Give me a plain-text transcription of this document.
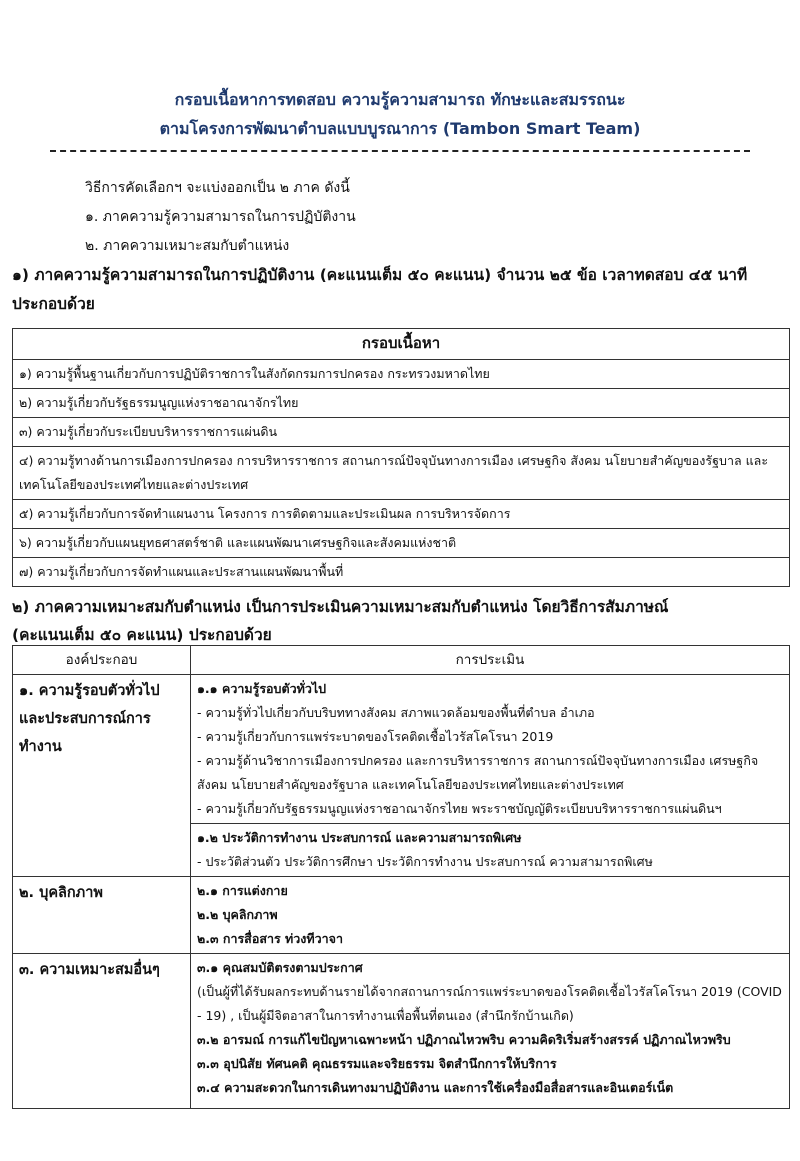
กรอบเนื้อหาการทดสอบ ความรู้ความสามารถ ทักษะและสมรรถนะ
ตามโครงการพัฒนาตำบลแบบบูรณาการ (Tambon Smart Team)
วิธีการคัดเลือกฯ จะแบ่งออกเป็น ๒ ภาค ดังนี้
๑. ภาคความรู้ความสามารถในการปฏิบัติงาน
๒. ภาคความเหมาะสมกับตำแหน่ง
๑) ภาคความรู้ความสามารถในการปฏิบัติงาน (คะแนนเต็ม ๕๐ คะแนน) จำนวน ๒๕ ข้อ เวลาทดสอบ ๔๕ นาที
ประกอบด้วย
กรอบเนื้อหา
๑) ความรู้พื้นฐานเกี่ยวกับการปฏิบัติราชการในสังกัดกรมการปกครอง กระทรวงมหาดไทย
๒) ความรู้เกี่ยวกับรัฐธรรมนูญแห่งราชอาณาจักรไทย
๓) ความรู้เกี่ยวกับระเบียบบริหารราชการแผ่นดิน
๔) ความรู้ทางด้านการเมืองการปกครอง การบริหารราชการ สถานการณ์ปัจจุบันทางการเมือง เศรษฐกิจ สังคม นโยบายสำคัญของรัฐบาล และเทคโนโลยีของประเทศไทยและต่างประเทศ
๕) ความรู้เกี่ยวกับการจัดทำแผนงาน โครงการ การติดตามและประเมินผล การบริหารจัดการ
๖) ความรู้เกี่ยวกับแผนยุทธศาสตร์ชาติ และแผนพัฒนาเศรษฐกิจและสังคมแห่งชาติ
๗) ความรู้เกี่ยวกับการจัดทำแผนและประสานแผนพัฒนาพื้นที่
๒) ภาคความเหมาะสมกับตำแหน่ง เป็นการประเมินความเหมาะสมกับตำแหน่ง โดยวิธีการสัมภาษณ์
(คะแนนเต็ม ๕๐ คะแนน) ประกอบด้วย
องค์ประกอบ	การประเมิน
๑. ความรู้รอบตัวทั่วไปและประสบการณ์การทำงาน	๑.๑ ความรู้รอบตัวทั่วไป
- ความรู้ทั่วไปเกี่ยวกับบริบททางสังคม สภาพแวดล้อมของพื้นที่ตำบล อำเภอ
- ความรู้เกี่ยวกับการแพร่ระบาดของโรคติดเชื้อไวรัสโคโรนา 2019
- ความรู้ด้านวิชาการเมืองการปกครอง และการบริหารราชการ สถานการณ์ปัจจุบันทางการเมือง เศรษฐกิจ สังคม นโยบายสำคัญของรัฐบาล และเทคโนโลยีของประเทศไทยและต่างประเทศ
- ความรู้เกี่ยวกับรัฐธรรมนูญแห่งราชอาณาจักรไทย พระราชบัญญัติระเบียบบริหารราชการแผ่นดินฯ

	๑.๒ ประวัติการทำงาน ประสบการณ์ และความสามารถพิเศษ
- ประวัติส่วนตัว ประวัติการศึกษา ประวัติการทำงาน ประสบการณ์ ความสามารถพิเศษ

๒. บุคลิกภาพ	๒.๑ การแต่งกาย
๒.๒ บุคลิกภาพ
๒.๓ การสื่อสาร ท่วงทีวาจา

๓. ความเหมาะสมอื่นๆ	๓.๑ คุณสมบัติตรงตามประกาศ
(เป็นผู้ที่ได้รับผลกระทบด้านรายได้จากสถานการณ์การแพร่ระบาดของโรคติดเชื้อไวรัสโคโรนา 2019 (COVID - 19) , เป็นผู้มีจิตอาสาในการทำงานเพื่อพื้นที่ตนเอง (สำนึกรักบ้านเกิด)
๓.๒ อารมณ์ การแก้ไขปัญหาเฉพาะหน้า ปฏิภาณไหวพริบ ความคิดริเริ่มสร้างสรรค์ ปฏิภาณไหวพริบ
๓.๓ อุปนิสัย ทัศนคติ คุณธรรมและจริยธรรม จิตสำนึกการให้บริการ
๓.๔ ความสะดวกในการเดินทางมาปฏิบัติงาน และการใช้เครื่องมือสื่อสารและอินเตอร์เน็ต
